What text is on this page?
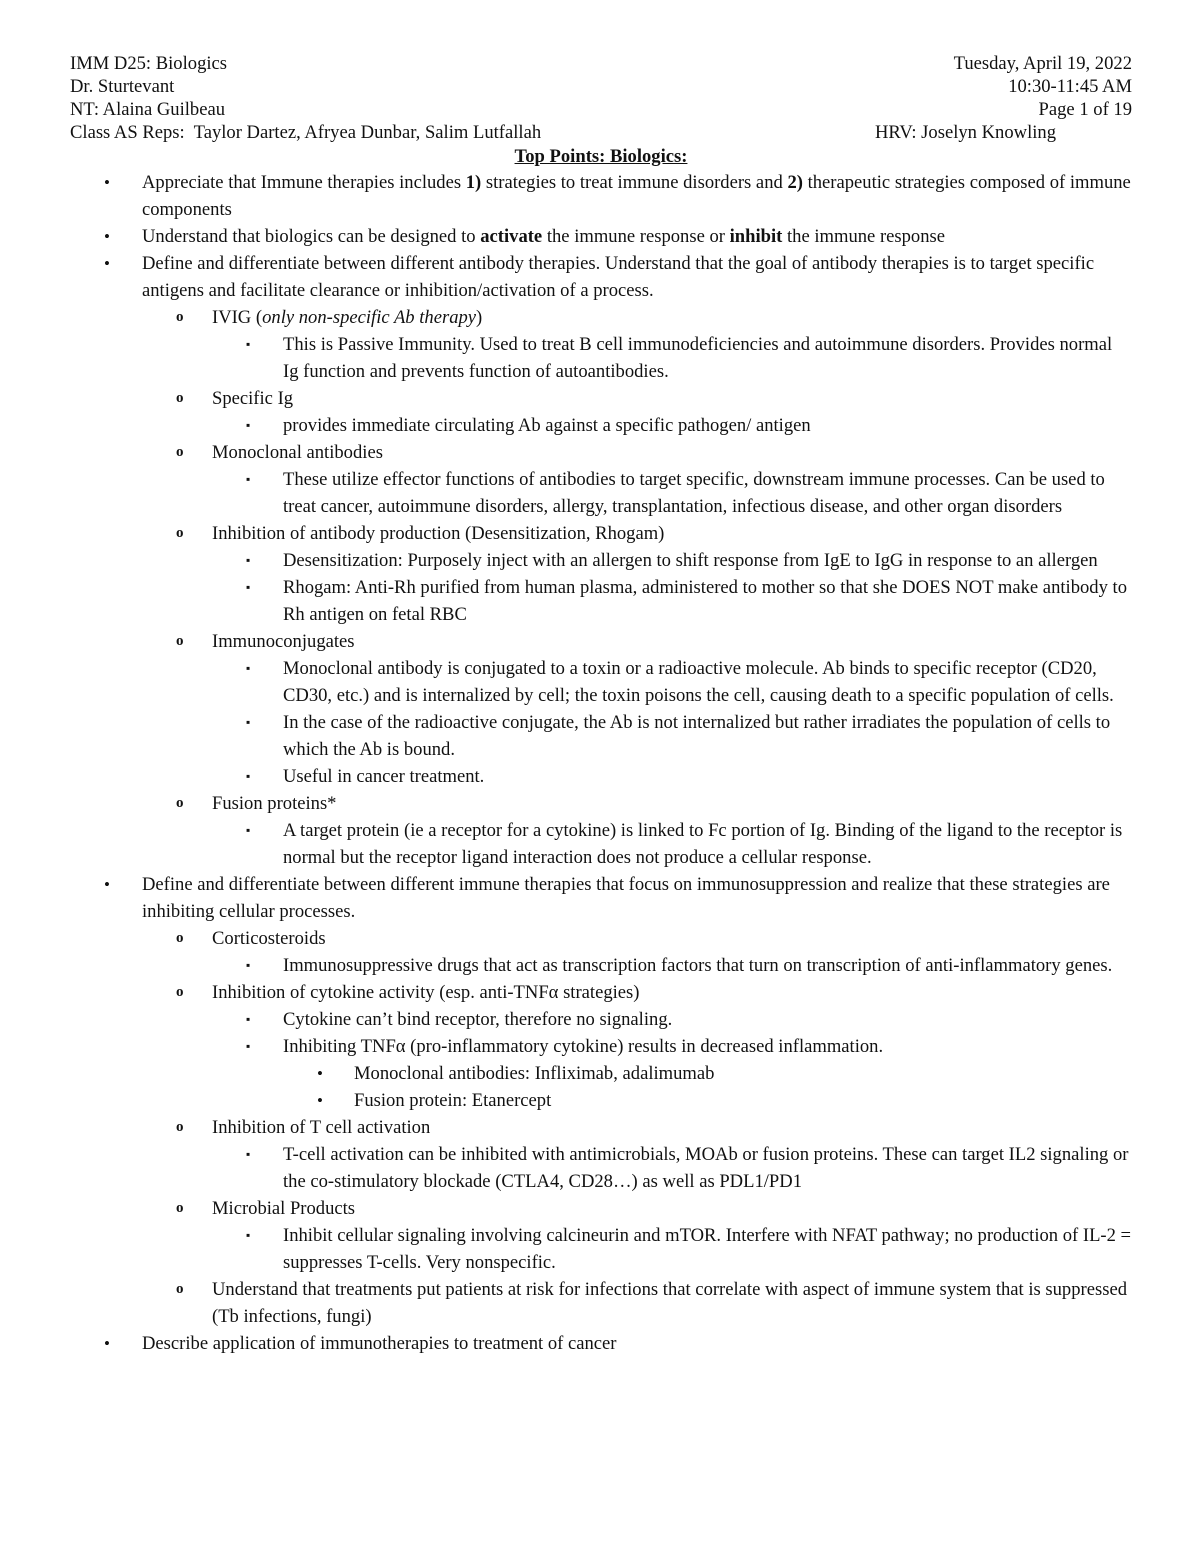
IMM D25: Biologics	Tuesday, April 19, 2022
Dr. Sturtevant	10:30-11:45 AM
NT: Alaina Guilbeau	Page 1 of 19
Class AS Reps:  Taylor Dartez, Afryea Dunbar, Salim Lutfallah	HRV: Joselyn Knowling
Top Points: Biologics:
• Appreciate that Immune therapies includes 1) strategies to treat immune disorders and 2) therapeutic strategies composed of immune components
• Understand that biologics can be designed to activate the immune response or inhibit the immune response
• Define and differentiate between different antibody therapies. Understand that the goal of antibody therapies is to target specific antigens and facilitate clearance or inhibition/activation of a process.
o IVIG (only non-specific Ab therapy)
▪ This is Passive Immunity. Used to treat B cell immunodeficiencies and autoimmune disorders. Provides normal Ig function and prevents function of autoantibodies.
o Specific Ig
▪ provides immediate circulating Ab against a specific pathogen/ antigen
o Monoclonal antibodies
▪ These utilize effector functions of antibodies to target specific, downstream immune processes. Can be used to treat cancer, autoimmune disorders, allergy, transplantation, infectious disease, and other organ disorders
o Inhibition of antibody production (Desensitization, Rhogam)
▪ Desensitization: Purposely inject with an allergen to shift response from IgE to IgG in response to an allergen
▪ Rhogam: Anti-Rh purified from human plasma, administered to mother so that she DOES NOT make antibody to Rh antigen on fetal RBC
o Immunoconjugates
▪ Monoclonal antibody is conjugated to a toxin or a radioactive molecule. Ab binds to specific receptor (CD20, CD30, etc.) and is internalized by cell; the toxin poisons the cell, causing death to a specific population of cells.
▪ In the case of the radioactive conjugate, the Ab is not internalized but rather irradiates the population of cells to which the Ab is bound.
▪ Useful in cancer treatment.
o Fusion proteins*
▪ A target protein (ie a receptor for a cytokine) is linked to Fc portion of Ig. Binding of the ligand to the receptor is normal but the receptor ligand interaction does not produce a cellular response.
• Define and differentiate between different immune therapies that focus on immunosuppression and realize that these strategies are inhibiting cellular processes.
o Corticosteroids
▪ Immunosuppressive drugs that act as transcription factors that turn on transcription of anti-inflammatory genes.
o Inhibition of cytokine activity (esp. anti-TNFα strategies)
▪ Cytokine can’t bind receptor, therefore no signaling.
▪ Inhibiting TNFα (pro-inflammatory cytokine) results in decreased inflammation.
• Monoclonal antibodies: Infliximab, adalimumab
• Fusion protein: Etanercept
o Inhibition of T cell activation
▪ T-cell activation can be inhibited with antimicrobials, MOAb or fusion proteins. These can target IL2 signaling or the co-stimulatory blockade (CTLA4, CD28…) as well as PDL1/PD1
o Microbial Products
▪ Inhibit cellular signaling involving calcineurin and mTOR. Interfere with NFAT pathway; no production of IL-2 = suppresses T-cells. Very nonspecific.
o Understand that treatments put patients at risk for infections that correlate with aspect of immune system that is suppressed (Tb infections, fungi)
• Describe application of immunotherapies to treatment of cancer
